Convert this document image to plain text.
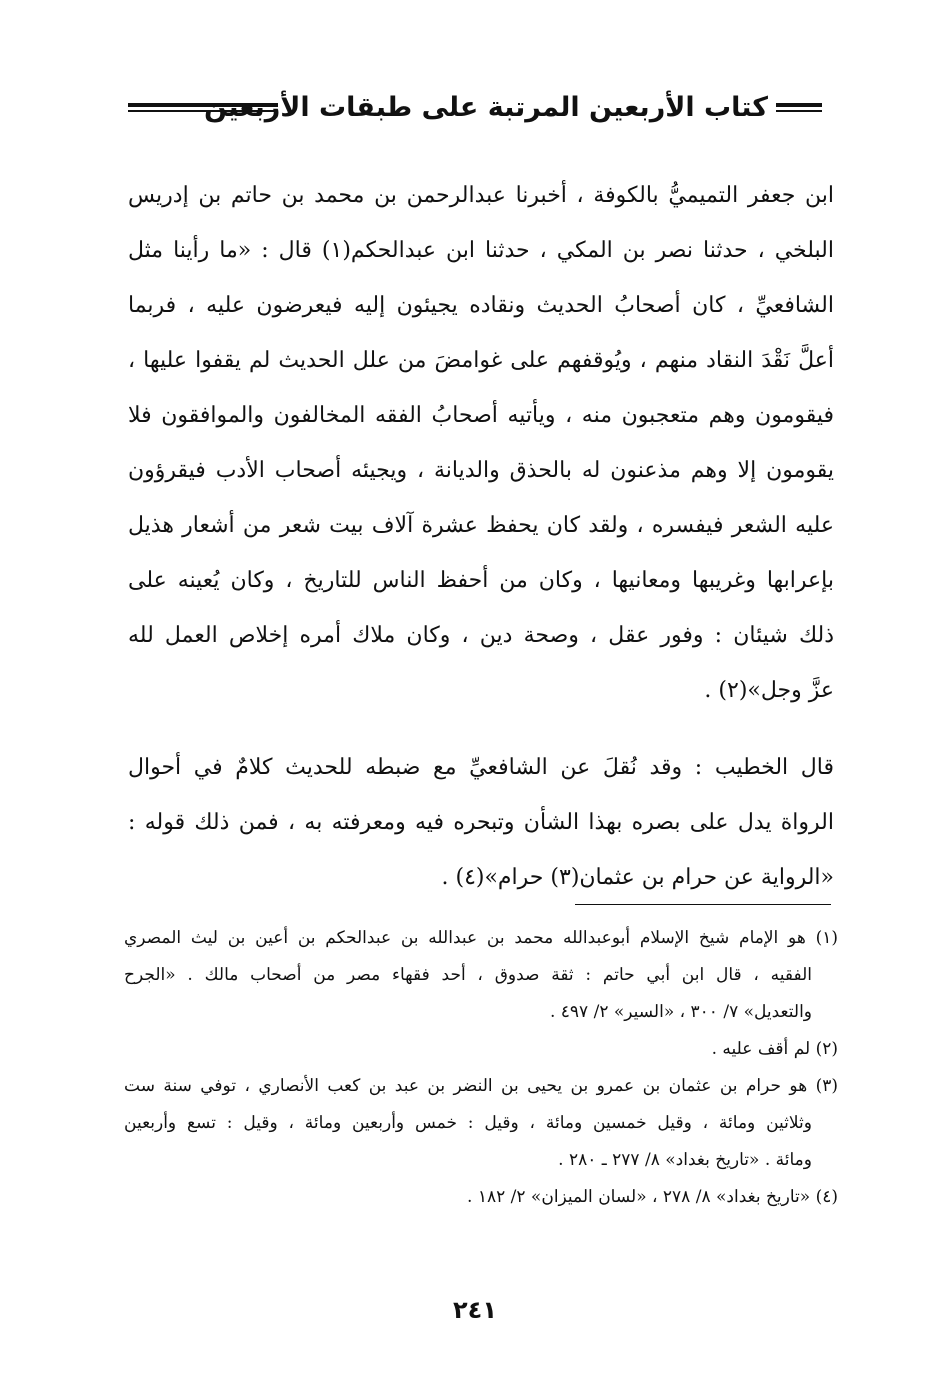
كتاب الأربعين المرتبة على طبقات الأربعين
ابن جعفر التميميُّ بالكوفة ، أخبرنا عبدالرحمن بن محمد بن حاتم بن إدريس
البلخي ، حدثنا نصر بن المكي ، حدثنا ابن عبدالحكم(١) قال : «ما رأينا مثل
الشافعيِّ ، كان أصحابُ الحديث ونقاده يجيئون إليه فيعرضون عليه ، فربما
أعلَّ نَقْدَ النقاد منهم ، ويُوقفهم على غوامضَ من علل الحديث لم يقفوا عليها ،
فيقومون وهم متعجبون منه ، ويأتيه أصحابُ الفقه المخالفون والموافقون فلا
يقومون إلا وهم مذعنون له بالحذق والديانة ، ويجيئه أصحاب الأدب فيقرؤون
عليه الشعر فيفسره ، ولقد كان يحفظ عشرة آلاف بيت شعر من أشعار هذيل
بإعرابها وغريبها ومعانيها ، وكان من أحفظ الناس للتاريخ ، وكان يُعينه على
ذلك شيئان : وفور عقل ، وصحة دين ، وكان ملاك أمره إخلاص العمل لله
عزَّ وجل»(٢) .
قال الخطيب : وقد نُقلَ عن الشافعيِّ مع ضبطه للحديث كلامٌ في أحوال
الرواة يدل على بصره بهذا الشأن وتبحره فيه ومعرفته به ، فمن ذلك قوله :
«الرواية عن حرام بن عثمان(٣) حرام»(٤) .
(١) هو الإمام شيخ الإسلام أبوعبدالله محمد بن عبدالله بن عبدالحكم بن أعين بن ليث المصري
الفقيه ، قال ابن أبي حاتم : ثقة صدوق ، أحد فقهاء مصر من أصحاب مالك . «الجرح
والتعديل» ٧/ ٣٠٠ ، «السير» ٢/ ٤٩٧ .
(٢) لم أقف عليه .
(٣) هو حرام بن عثمان بن عمرو بن يحيى بن النضر بن عبد بن كعب الأنصاري ، توفي سنة ست
وثلاثين ومائة ، وقيل خمسين ومائة ، وقيل : خمس وأربعين ومائة ، وقيل : تسع وأربعين
ومائة . «تاريخ بغداد» ٨/ ٢٧٧ ـ ٢٨٠ .
(٤) «تاريخ بغداد» ٨/ ٢٧٨ ، «لسان الميزان» ٢/ ١٨٢ .
٢٤١
